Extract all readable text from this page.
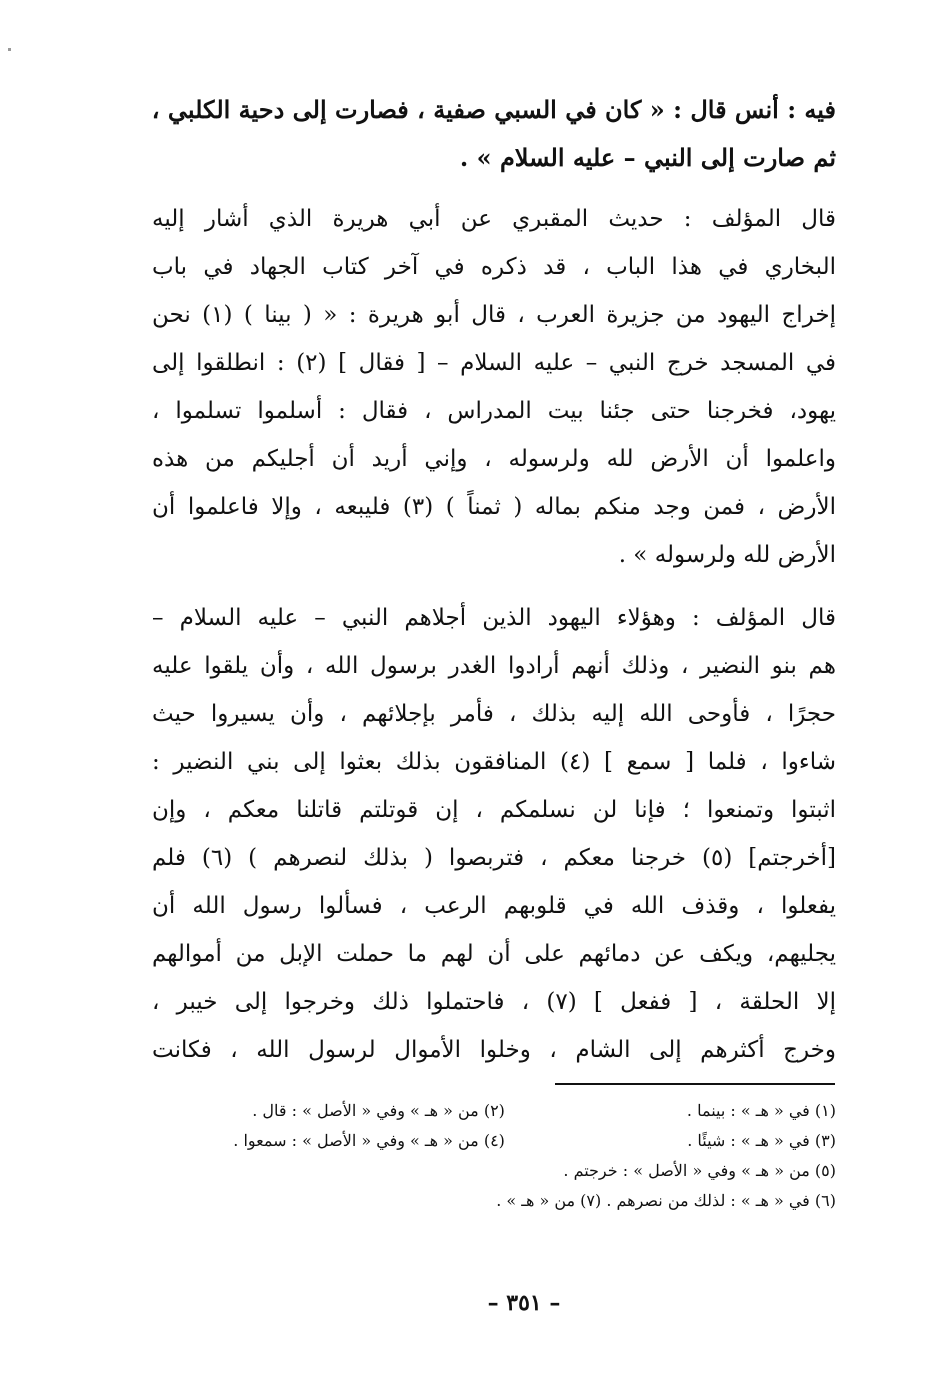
فيه : أنس قال : « كان في السبي صفية ، فصارت إلى دحية الكلبي ،
ثم صارت إلى النبي – عليه السلام » .
قال المؤلف : حديث المقبري عن أبي هريرة الذي أشار إليه
البخاري في هذا الباب ، قد ذكره في آخر كتاب الجهاد في باب
إخراج اليهود من جزيرة العرب ، قال أبو هريرة : « ( بينا ) (١) نحن
في المسجد خرج النبي – عليه السلام – [ فقال ] (٢) : انطلقوا إلى
يهود، فخرجنا حتى جئنا بيت المدراس ، فقال : أسلموا تسلموا ،
واعلموا أن الأرض لله ولرسوله ، وإني أريد أن أجليكم من هذه
الأرض ، فمن وجد منكم بماله ( ثمناً ) (٣) فليبعه ، وإلا فاعلموا أن
الأرض لله ولرسوله » .
قال المؤلف : وهؤلاء اليهود الذين أجلاهم النبي – عليه السلام –
هم بنو النضير ، وذلك أنهم أرادوا الغدر برسول الله ، وأن يلقوا عليه
حجرًا ، فأوحى الله إليه بذلك ، فأمر بإجلائهم ، وأن يسيروا حيث
شاءوا ، فلما [ سمع ] (٤) المنافقون بذلك بعثوا إلى بني النضير :
اثبتوا وتمنعوا ؛ فإنا لن نسلمكم ، إن قوتلتم قاتلنا معكم ، وإن
[أخرجتم] (٥) خرجنا معكم ، فتربصوا ( بذلك لنصرهم ) (٦) فلم
يفعلوا ، وقذف الله في قلوبهم الرعب ، فسألوا رسول الله أن
يجليهم، ويكف عن دمائهم على أن لهم ما حملت الإبل من أموالهم
إلا الحلقة ، [ ففعل ] (٧) ، فاحتملوا ذلك وخرجوا إلى خيبر ،
وخرج أكثرهم إلى الشام ، وخلوا الأموال لرسول الله ، فكانت
(١) في « هـ » : بينما . (٢) من « هـ » وفي « الأصل » : قال .
(٣) في « هـ » : شيئًا . (٤) من « هـ » وفي « الأصل » : سمعوا .
(٥) من « هـ » وفي « الأصل » : خرجتم .
(٦) في « هـ » : لذلك من نصرهم . (٧) من « هـ » .
– ٣٥١ –
